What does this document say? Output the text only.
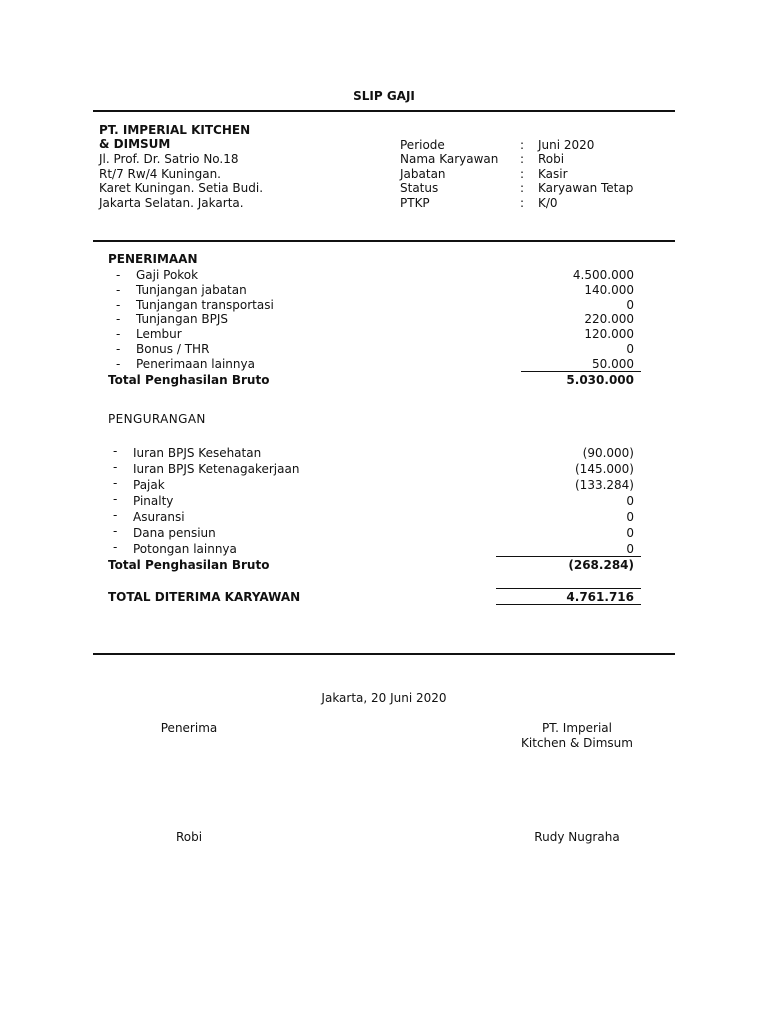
SLIP GAJI
PT. IMPERIAL KITCHEN
& DIMSUM
Jl. Prof. Dr. Satrio No.18
Rt/7 Rw/4 Kuningan.
Karet Kuningan. Setia Budi.
Jakarta Selatan. Jakarta.
Periode	: Juni 2020
Nama Karyawan : Robi
Jabatan	: Kasir
Status	: Karyawan Tetap
PTKP	: K/0
PENERIMAAN
- Gaji Pokok	4.500.000
- Tunjangan jabatan	140.000
- Tunjangan transportasi	0
- Tunjangan BPJS	220.000
- Lembur	120.000
- Bonus / THR	0
- Penerimaan lainnya	50.000
Total Penghasilan Bruto	5.030.000
PENGURANGAN
- Iuran BPJS Kesehatan	(90.000)
- Iuran BPJS Ketenagakerjaan	(145.000)
- Pajak	(133.284)
- Pinalty	0
- Asuransi	0
- Dana pensiun	0
- Potongan lainnya	0
Total Penghasilan Bruto	(268.284)
TOTAL DITERIMA KARYAWAN	4.761.716
Jakarta, 20 Juni 2020
Penerima	PT. Imperial
Kitchen & Dimsum
Robi	Rudy Nugraha
